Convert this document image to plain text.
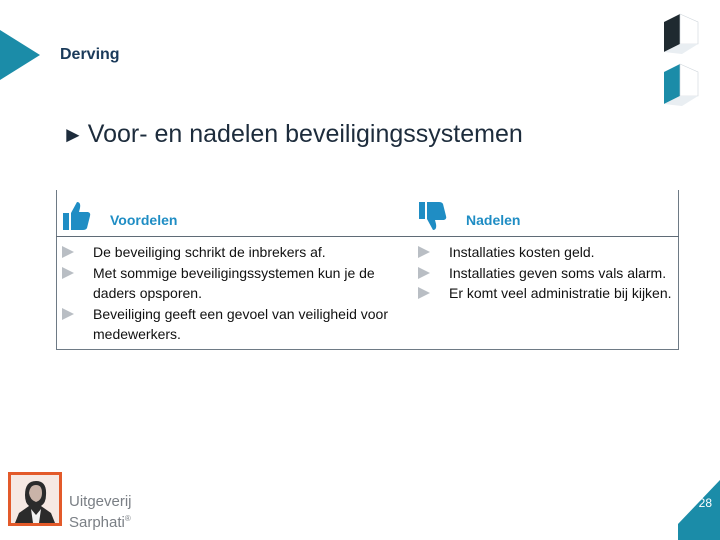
Derving
► Voor- en nadelen beveiligingssystemen
Voordelen	Nadelen
De beveiliging schrikt de inbrekers af.
Met sommige beveiligingssystemen kun je de daders opsporen.
Beveiliging geeft een gevoel van veiligheid voor medewerkers.
Installaties kosten geld.
Installaties geven soms vals alarm.
Er komt veel administratie bij kijken.
Uitgeverij
Sarphati®
28
